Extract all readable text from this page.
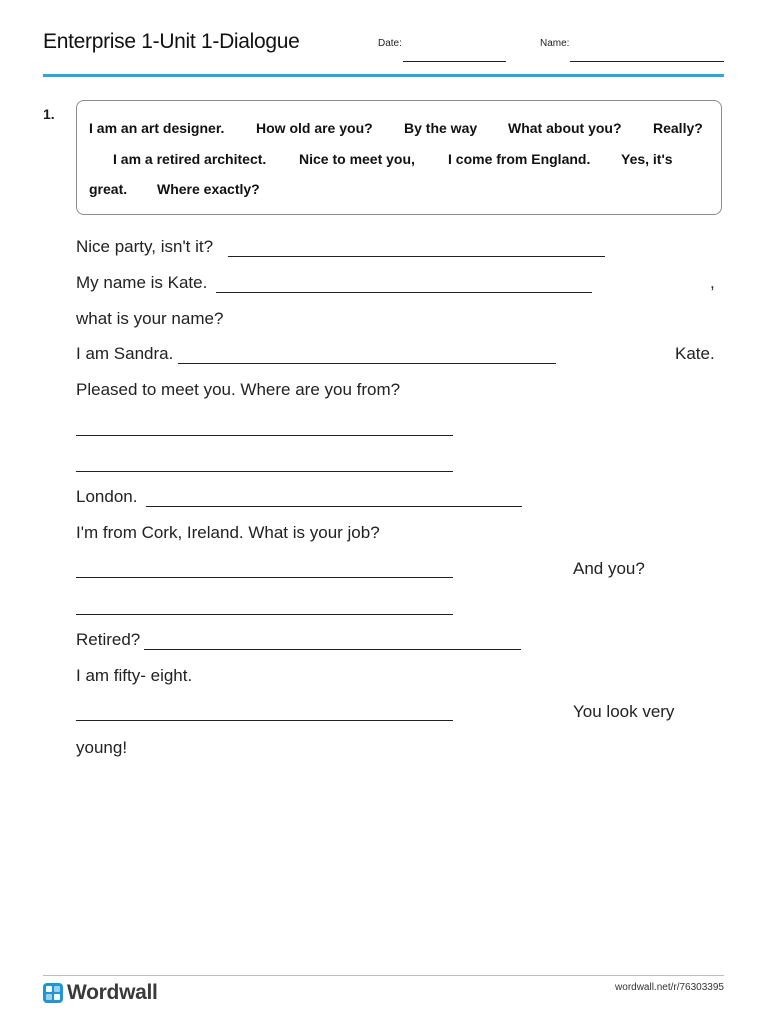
Enterprise 1-Unit 1-Dialogue	Date:	Name:
1.
I am an art designer. How old are you? By the way What about you? Really?
I am a retired architect. Nice to meet you, I come from England. Yes, it's
great. Where exactly?
Nice party, isn't it?
My name is Kate.	,
what is your name?
I am Sandra.	Kate.
Pleased to meet you. Where are you from?
London.
I'm from Cork, Ireland. What is your job?
And you?
Retired?
I am fifty- eight.
You look very
young!
Wordwall	wordwall.net/r/76303395
